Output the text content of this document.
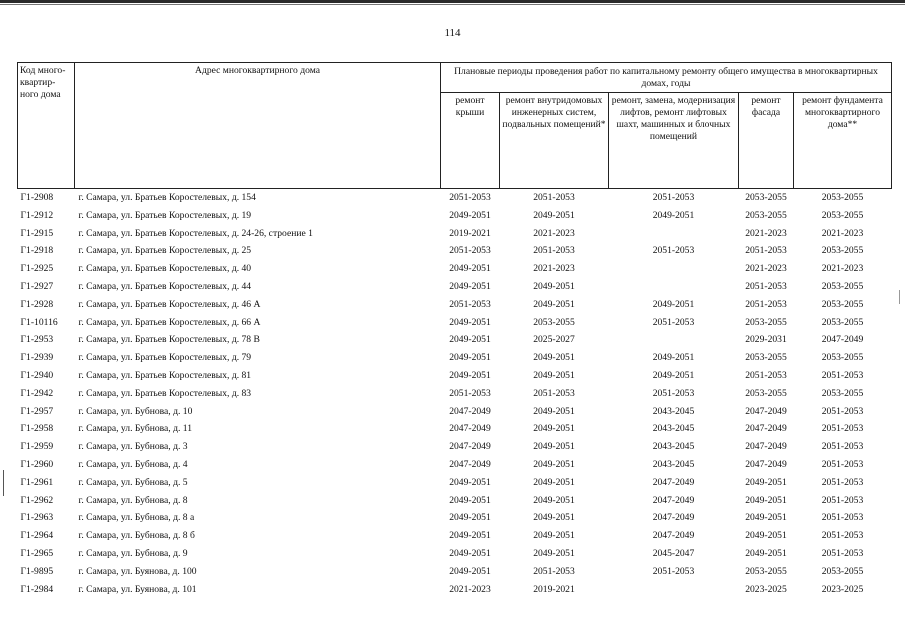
114
Код много-квартир-ного дома	Адрес многоквартирного дома	Плановые периоды проведения работ по капитальному ремонту общего имущества в многоквартирных домах, годы				
		ремонт крыши	ремонт внутридомовых инженерных систем, подвальных помещений*	ремонт, замена, модернизация лифтов, ремонт лифтовых шахт, машинных и блочных помещений	ремонт фасада	ремонт фундамента многоквартирного дома**
Г1-2908	г. Самара, ул. Братьев Коростелевых, д. 154	2051-2053	2051-2053	2051-2053	2053-2055	2053-2055
Г1-2912	г. Самара, ул. Братьев Коростелевых, д. 19	2049-2051	2049-2051	2049-2051	2053-2055	2053-2055
Г1-2915	г. Самара, ул. Братьев Коростелевых, д. 24-26, строение 1	2019-2021	2021-2023		2021-2023	2021-2023
Г1-2918	г. Самара, ул. Братьев Коростелевых, д. 25	2051-2053	2051-2053	2051-2053	2051-2053	2053-2055
Г1-2925	г. Самара, ул. Братьев Коростелевых, д. 40	2049-2051	2021-2023		2021-2023	2021-2023
Г1-2927	г. Самара, ул. Братьев Коростелевых, д. 44	2049-2051	2049-2051		2051-2053	2053-2055
Г1-2928	г. Самара, ул. Братьев Коростелевых, д. 46 А	2051-2053	2049-2051	2049-2051	2051-2053	2053-2055
Г1-10116	г. Самара, ул. Братьев Коростелевых, д. 66 А	2049-2051	2053-2055	2051-2053	2053-2055	2053-2055
Г1-2953	г. Самара, ул. Братьев Коростелевых, д. 78 В	2049-2051	2025-2027		2029-2031	2047-2049
Г1-2939	г. Самара, ул. Братьев Коростелевых, д. 79	2049-2051	2049-2051	2049-2051	2053-2055	2053-2055
Г1-2940	г. Самара, ул. Братьев Коростелевых, д. 81	2049-2051	2049-2051	2049-2051	2051-2053	2051-2053
Г1-2942	г. Самара, ул. Братьев Коростелевых, д. 83	2051-2053	2051-2053	2051-2053	2053-2055	2053-2055
Г1-2957	г. Самара, ул. Бубнова, д. 10	2047-2049	2049-2051	2043-2045	2047-2049	2051-2053
Г1-2958	г. Самара, ул. Бубнова, д. 11	2047-2049	2049-2051	2043-2045	2047-2049	2051-2053
Г1-2959	г. Самара, ул. Бубнова, д. 3	2047-2049	2049-2051	2043-2045	2047-2049	2051-2053
Г1-2960	г. Самара, ул. Бубнова, д. 4	2047-2049	2049-2051	2043-2045	2047-2049	2051-2053
Г1-2961	г. Самара, ул. Бубнова, д. 5	2049-2051	2049-2051	2047-2049	2049-2051	2051-2053
Г1-2962	г. Самара, ул. Бубнова, д. 8	2049-2051	2049-2051	2047-2049	2049-2051	2051-2053
Г1-2963	г. Самара, ул. Бубнова, д. 8 а	2049-2051	2049-2051	2047-2049	2049-2051	2051-2053
Г1-2964	г. Самара, ул. Бубнова, д. 8 б	2049-2051	2049-2051	2047-2049	2049-2051	2051-2053
Г1-2965	г. Самара, ул. Бубнова, д. 9	2049-2051	2049-2051	2045-2047	2049-2051	2051-2053
Г1-9895	г. Самара, ул. Буянова, д. 100	2049-2051	2051-2053	2051-2053	2053-2055	2053-2055
Г1-2984	г. Самара, ул. Буянова, д. 101	2021-2023	2019-2021		2023-2025	2023-2025
